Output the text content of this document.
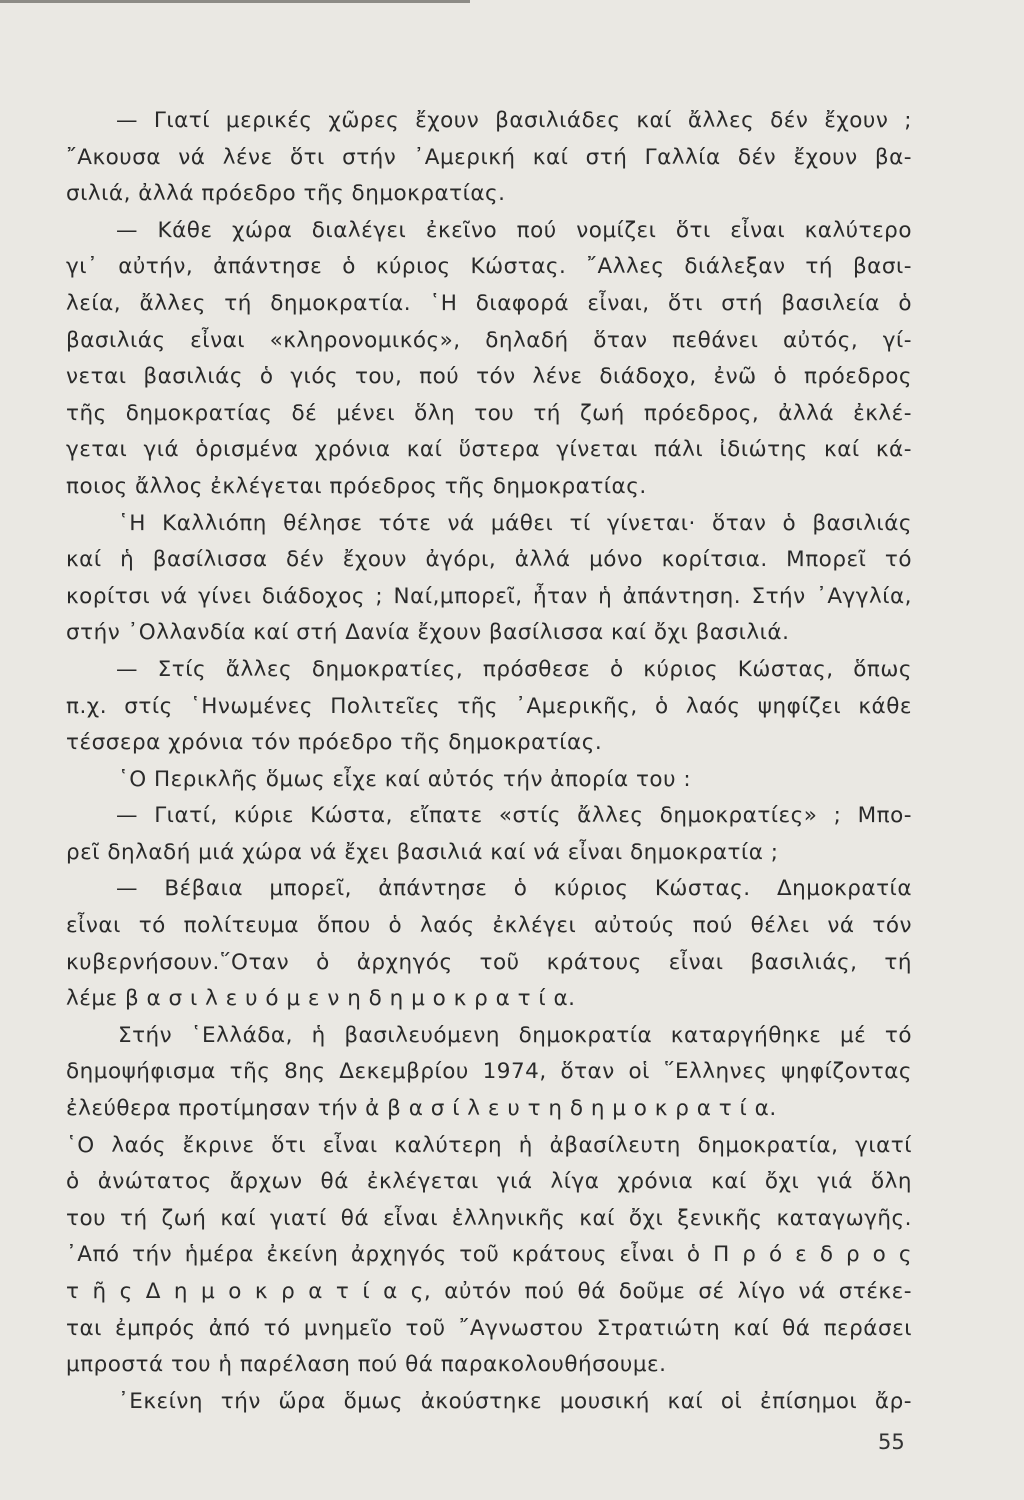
— Γιατί μερικές χῶρες ἔχουν βασιλιάδες καί ἄλλες δέν ἔχουν ;
῎Ακουσα νά λένε ὅτι στήν ᾿Αμερική καί στή Γαλλία δέν ἔχουν βα-
σιλιά, ἀλλά πρόεδρο τῆς δημοκρατίας.
— Κάθε χώρα διαλέγει ἐκεῖνο πού νομίζει ὅτι εἶναι καλύτερο
γι᾿ αὐτήν, ἀπάντησε ὁ κύριος Κώστας. ῎Αλλες διάλεξαν τή βασι-
λεία, ἄλλες τή δημοκρατία. ῾Η διαφορά εἶναι, ὅτι στή βασιλεία ὁ
βασιλιάς εἶναι «κληρονομικός», δηλαδή ὅταν πεθάνει αὐτός, γί-
νεται βασιλιάς ὁ γιός του, πού τόν λένε διάδοχο, ἐνῶ ὁ πρόεδρος
τῆς δημοκρατίας δέ μένει ὅλη του τή ζωή πρόεδρος, ἀλλά ἐκλέ-
γεται γιά ὁρισμένα χρόνια καί ὕστερα γίνεται πάλι ἰδιώτης καί κά-
ποιος ἄλλος ἐκλέγεται πρόεδρος τῆς δημοκρατίας.
῾Η Καλλιόπη θέλησε τότε νά μάθει τί γίνεται· ὅταν ὁ βασιλιάς
καί ἡ βασίλισσα δέν ἔχουν ἀγόρι, ἀλλά μόνο κορίτσια. Μπορεῖ τό
κορίτσι νά γίνει διάδοχος ; Ναί,μπορεῖ, ἦταν ἡ ἀπάντηση. Στήν ᾿Αγγλία,
στήν ᾿Ολλανδία καί στή Δανία ἔχουν βασίλισσα καί ὄχι βασιλιά.
— Στίς ἄλλες δημοκρατίες, πρόσθεσε ὁ κύριος Κώστας, ὅπως
π.χ. στίς ῾Ηνωμένες Πολιτεῖες τῆς ᾿Αμερικῆς, ὁ λαός ψηφίζει κάθε
τέσσερα χρόνια τόν πρόεδρο τῆς δημοκρατίας.
῾Ο Περικλῆς ὅμως εἶχε καί αὐτός τήν ἀπορία του :
— Γιατί, κύριε Κώστα, εἴπατε «στίς ἄλλες δημοκρατίες» ; Μπο-
ρεῖ δηλαδή μιά χώρα νά ἔχει βασιλιά καί νά εἶναι δημοκρατία ;
— Βέβαια μπορεῖ, ἀπάντησε ὁ κύριος Κώστας. Δημοκρατία
εἶναι τό πολίτευμα ὅπου ὁ λαός ἐκλέγει αὐτούς πού θέλει νά τόν
κυβερνήσουν.῞Οταν ὁ ἀρχηγός τοῦ κράτους εἶναι βασιλιάς, τή
λέμε β α σ ι λ ε υ ό μ ε ν η δ η μ ο κ ρ α τ ί α.
Στήν ῾Ελλάδα, ἡ βασιλευόμενη δημοκρατία καταργήθηκε μέ τό
δημοψήφισμα τῆς 8ης Δεκεμβρίου 1974, ὅταν οἱ ῞Ελληνες ψηφίζοντας
ἐλεύθερα προτίμησαν τήν ἀ β α σ ί λ ε υ τ η δ η μ ο κ ρ α τ ί α.
῾Ο λαός ἔκρινε ὅτι εἶναι καλύτερη ἡ ἀβασίλευτη δημοκρατία, γιατί
ὁ ἀνώτατος ἄρχων θά ἐκλέγεται γιά λίγα χρόνια καί ὄχι γιά ὅλη
του τή ζωή καί γιατί θά εἶναι ἑλληνικῆς καί ὄχι ξενικῆς καταγωγῆς.
᾿Από τήν ἡμέρα ἐκείνη ἀρχηγός τοῦ κράτους εἶναι ὁ Π ρ ό ε δ ρ ο ς
τ ῆ ς Δ η μ ο κ ρ α τ ί α ς, αὐτόν πού θά δοῦμε σέ λίγο νά στέκε-
ται ἐμπρός ἀπό τό μνημεῖο τοῦ ῎Αγνωστου Στρατιώτη καί θά περάσει
μπροστά του ἡ παρέλαση πού θά παρακολουθήσουμε.
᾿Εκείνη τήν ὥρα ὅμως ἀκούστηκε μουσική καί οἱ ἐπίσημοι ἄρ-
55
